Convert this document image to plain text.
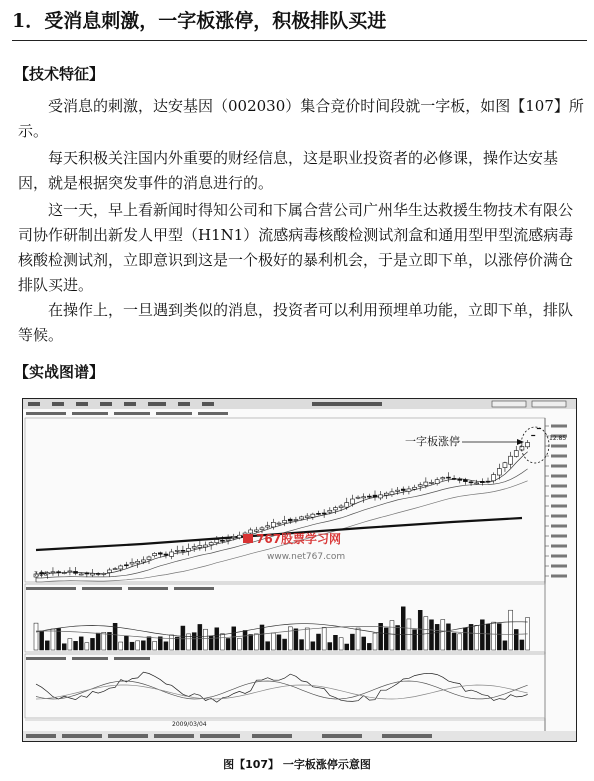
1．受消息刺激，一字板涨停，积极排队买进
【技术特征】
受消息的刺激，达安基因（002030）集合竞价时间段就一字板，如图【107】所示。
每天积极关注国内外重要的财经信息，这是职业投资者的必修课，操作达安基因，就是根据突发事件的消息进行的。
这一天，早上看新闻时得知公司和下属合营公司广州华生达救援生物技术有限公司协作研制出新发人甲型（H1N1）流感病毒核酸检测试剂盒和通用型甲型流感病毒核酸检测试剂，立即意识到这是一个极好的暴利机会，于是立即下单，以涨停价满仓排队买进。
在操作上，一旦遇到类似的消息，投资者可以利用预埋单功能，立即下单，排队等候。
【实战图谱】
一字板涨停	12.85
7.26
767股票学习网
www.net767.com
2009/03/04
图【107】 一字板涨停示意图
